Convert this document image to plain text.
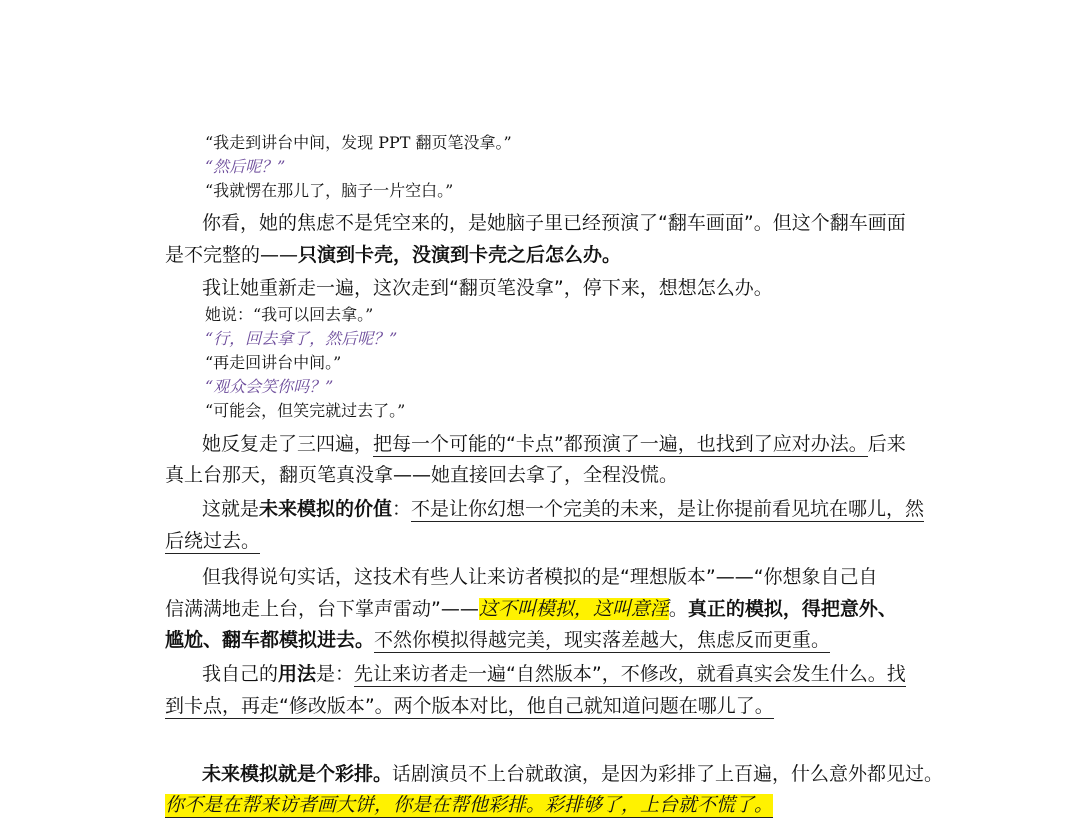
“我走到讲台中间，发现 PPT 翻页笔没拿。”
“然后呢？”
“我就愣在那儿了，脑子一片空白。”
你看，她的焦虑不是凭空来的，是她脑子里已经预演了“翻车画面”。但这个翻车画面
是不完整的——只演到卡壳，没演到卡壳之后怎么办。
我让她重新走一遍，这次走到“翻页笔没拿”，停下来，想想怎么办。
她说：“我可以回去拿。”
“行，回去拿了，然后呢？”
“再走回讲台中间。”
“观众会笑你吗？”
“可能会，但笑完就过去了。”
她反复走了三四遍，把每一个可能的“卡点”都预演了一遍，也找到了应对办法。后来
真上台那天，翻页笔真没拿——她直接回去拿了，全程没慌。
这就是未来模拟的价值：不是让你幻想一个完美的未来，是让你提前看见坑在哪儿，然
后绕过去。
但我得说句实话，这技术有些人让来访者模拟的是“理想版本”——“你想象自己自
信满满地走上台，台下掌声雷动”——这不叫模拟，这叫意淫。真正的模拟，得把意外、
尴尬、翻车都模拟进去。不然你模拟得越完美，现实落差越大，焦虑反而更重。
我自己的用法是：先让来访者走一遍“自然版本”，不修改，就看真实会发生什么。找
到卡点，再走“修改版本”。两个版本对比，他自己就知道问题在哪儿了。
未来模拟就是个彩排。话剧演员不上台就敢演，是因为彩排了上百遍，什么意外都见过。
你不是在帮来访者画大饼，你是在帮他彩排。彩排够了，上台就不慌了。
